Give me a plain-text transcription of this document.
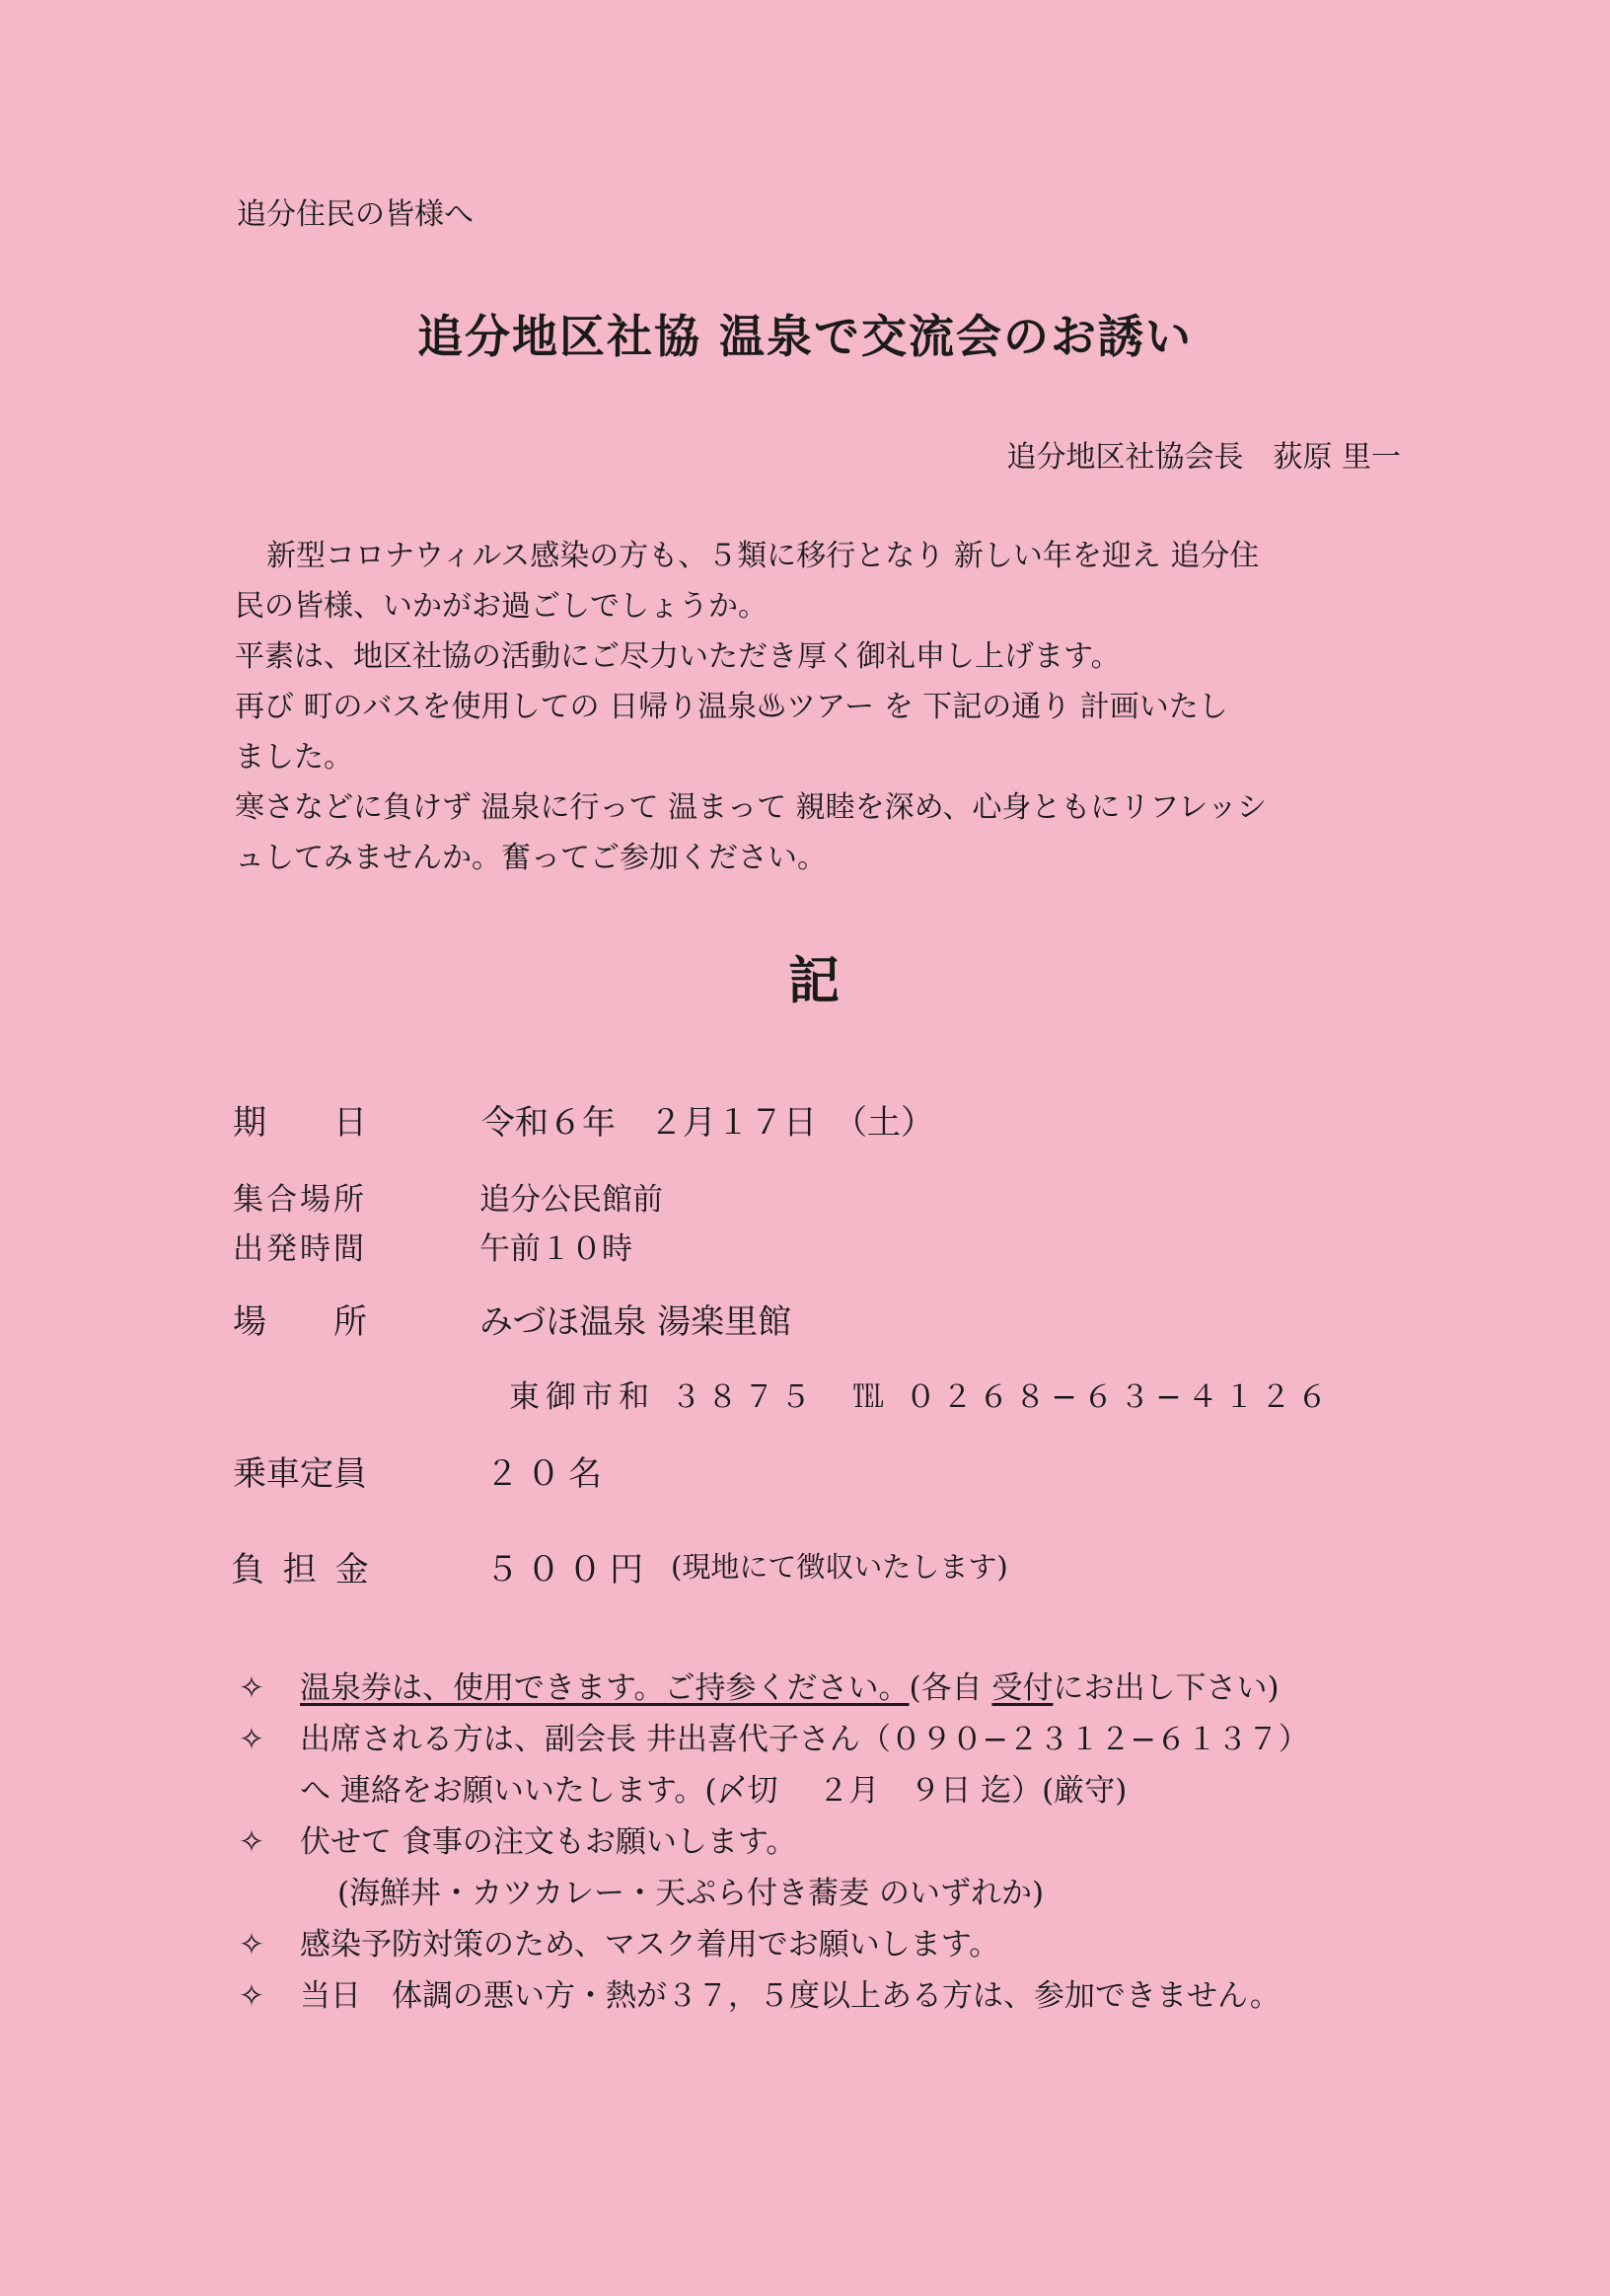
追分住民の皆様へ
追分地区社協 温泉で交流会のお誘い
追分地区社協会長　荻原 里一

新型コロナウィルス感染の方も、５類に移行となり 新しい年を迎え 追分住

民の皆様、いかがお過ごしでしょうか。

平素は、地区社協の活動にご尽力いただき厚く御礼申し上げます。

再び 町のバスを使用しての 日帰り温泉♨ツアー を 下記の通り 計画いたし

ました。

寒さなどに負けず 温泉に行って 温まって 親睦を深め、心身ともにリフレッシ

ュしてみませんか。奮ってご参加ください。

記
期　　日	令和６年　２月１７日　（土）
集合場所	追分公民館前
出発時間	午前１０時
場　　所	みづほ温泉 湯楽里館
東御市和 ３８７５　℡ ０２６８−６３−４１２６
乗車定員	２０名
負 担 金	５００円 (現地にて徴収いたします)
✧	温泉券は、使用できます。ご持参ください。(各自 受付にお出し下さい)
✧	出席される方は、副会長 井出喜代子さん（０９０−２３１２−６１３７）
へ 連絡をお願いいたします。(〆切　 ２月　９日 迄）(厳守)
✧	伏せて 食事の注文もお願いします。
(海鮮丼・カツカレー・天ぷら付き蕎麦 のいずれか)
✧	感染予防対策のため、マスク着用でお願いします。
✧	当日　体調の悪い方・熱が３７，５度以上ある方は、参加できません。
